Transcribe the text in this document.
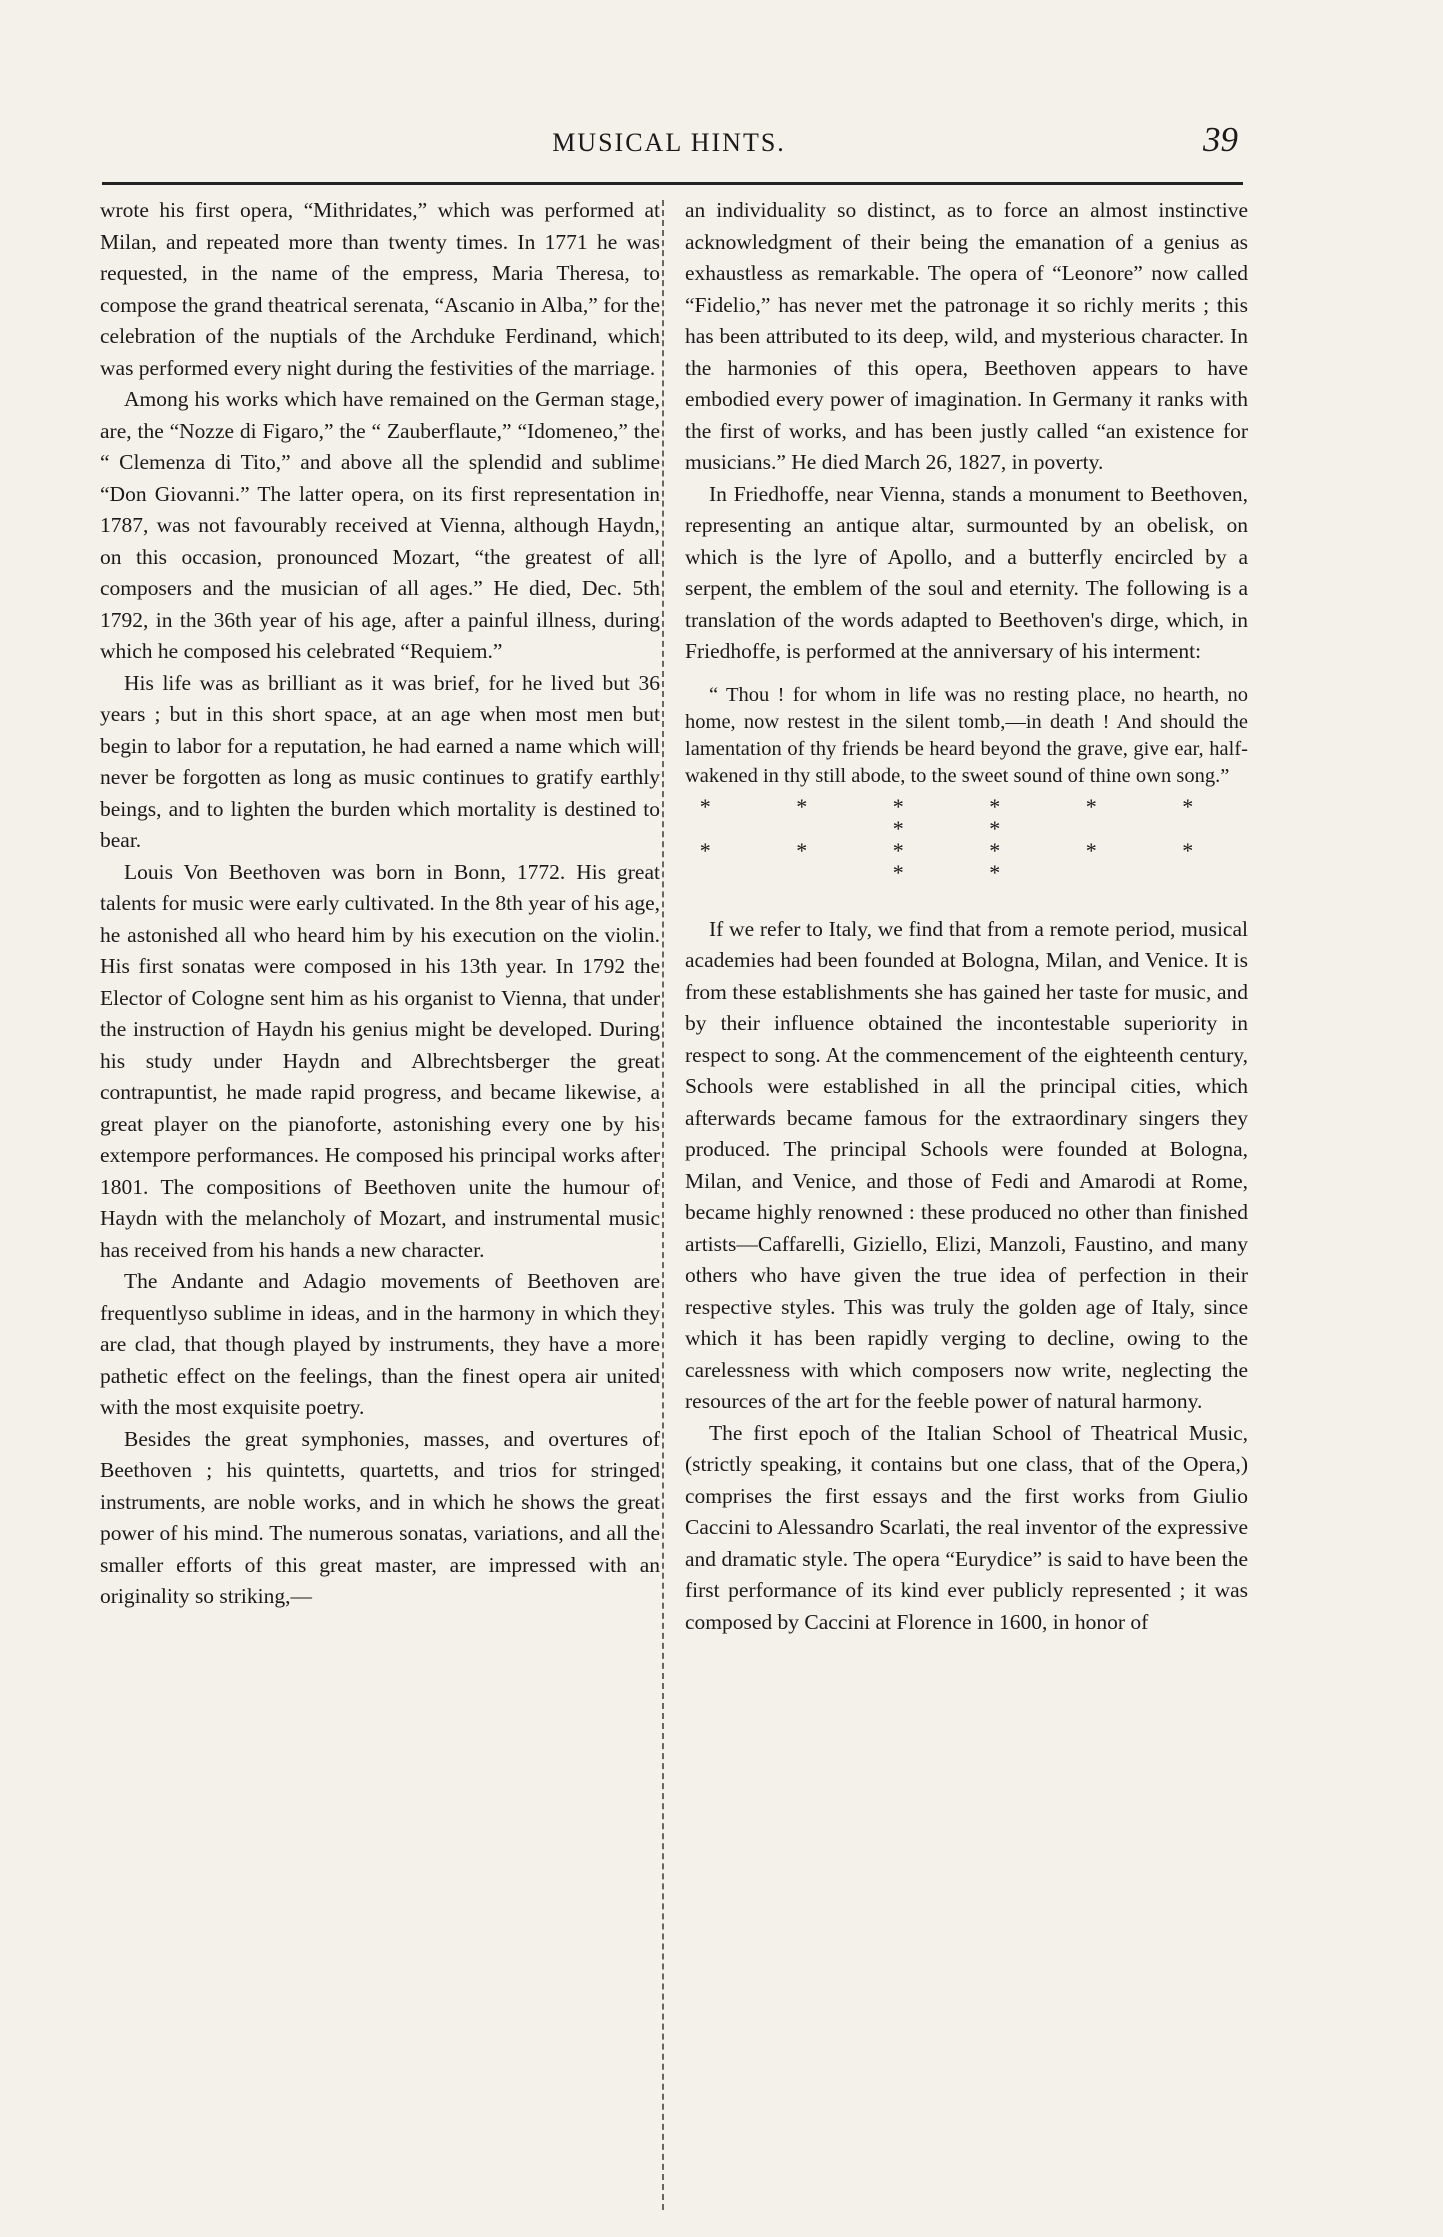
MUSICAL HINTS.	39

wrote his first opera, “Mithridates,” which was performed at Milan, and repeated more than twenty times. In 1771 he was requested, in the name of the empress, Maria Theresa, to compose the grand theatrical serenata, “Ascanio in Alba,” for the celebration of the nuptials of the Archduke Ferdinand, which was performed every night during the festivities of the marriage.

Among his works which have remained on the German stage, are, the “Nozze di Figaro,” the “ Zauberflaute,” “Idomeneo,” the “ Clemenza di Tito,” and above all the splendid and sublime “Don Giovanni.” The latter opera, on its first representation in 1787, was not favourably received at Vienna, although Haydn, on this occasion, pronounced Mozart, “the greatest of all composers and the musician of all ages.” He died, Dec. 5th 1792, in the 36th year of his age, after a painful illness, during which he composed his celebrated “Requiem.”

His life was as brilliant as it was brief, for he lived but 36 years ; but in this short space, at an age when most men but begin to labor for a reputation, he had earned a name which will never be forgotten as long as music continues to gratify earthly beings, and to lighten the burden which mortality is destined to bear.

Louis Von Beethoven was born in Bonn, 1772. His great talents for music were early cultivated. In the 8th year of his age, he astonished all who heard him by his execution on the violin. His first sonatas were composed in his 13th year. In 1792 the Elector of Cologne sent him as his organist to Vienna, that under the instruction of Haydn his genius might be developed. During his study under Haydn and Albrechtsberger the great contrapuntist, he made rapid progress, and became likewise, a great player on the pianoforte, astonishing every one by his extempore performances. He composed his principal works after 1801. The compositions of Beethoven unite the humour of Haydn with the melancholy of Mozart, and instrumental music has received from his hands a new character.

The Andante and Adagio movements of Beethoven are frequentlyso sublime in ideas, and in the harmony in which they are clad, that though played by instruments, they have a more pathetic effect on the feelings, than the finest opera air united with the most exquisite poetry.

Besides the great symphonies, masses, and overtures of Beethoven ; his quintetts, quartetts, and trios for stringed instruments, are noble works, and in which he shows the great power of his mind. The numerous sonatas, variations, and all the smaller efforts of this great master, are impressed with an originality so striking,—

an individuality so distinct, as to force an almost instinctive acknowledgment of their being the emanation of a genius as exhaustless as remarkable. The opera of “Leonore” now called “Fidelio,” has never met the patronage it so richly merits ; this has been attributed to its deep, wild, and mysterious character. In the harmonies of this opera, Beethoven appears to have embodied every power of imagination. In Germany it ranks with the first of works, and has been justly called “an existence for musicians.” He died March 26, 1827, in poverty.

In Friedhoffe, near Vienna, stands a monument to Beethoven, representing an antique altar, surmounted by an obelisk, on which is the lyre of Apollo, and a butterfly encircled by a serpent, the emblem of the soul and eternity. The following is a translation of the words adapted to Beethoven's dirge, which, in Friedhoffe, is performed at the anniversary of his interment:

“ Thou ! for whom in life was no resting place, no hearth, no home, now restest in the silent tomb,—in death ! And should the lamentation of thy friends be heard beyond the grave, give ear, half-wakened in thy still abode, to the sweet sound of thine own song.”

* * * * * * * *
* * * * * * * *

If we refer to Italy, we find that from a remote period, musical academies had been founded at Bologna, Milan, and Venice. It is from these establishments she has gained her taste for music, and by their influence obtained the incontestable superiority in respect to song. At the commencement of the eighteenth century, Schools were established in all the principal cities, which afterwards became famous for the extraordinary singers they produced. The principal Schools were founded at Bologna, Milan, and Venice, and those of Fedi and Amarodi at Rome, became highly renowned : these produced no other than finished artists—Caffarelli, Giziello, Elizi, Manzoli, Faustino, and many others who have given the true idea of perfection in their respective styles. This was truly the golden age of Italy, since which it has been rapidly verging to decline, owing to the carelessness with which composers now write, neglecting the resources of the art for the feeble power of natural harmony.

The first epoch of the Italian School of Theatrical Music,(strictly speaking, it contains but one class, that of the Opera,) comprises the first essays and the first works from Giulio Caccini to Alessandro Scarlati, the real inventor of the expressive and dramatic style. The opera “Eurydice” is said to have been the first performance of its kind ever publicly represented ; it was composed by Caccini at Florence in 1600, in honor of
